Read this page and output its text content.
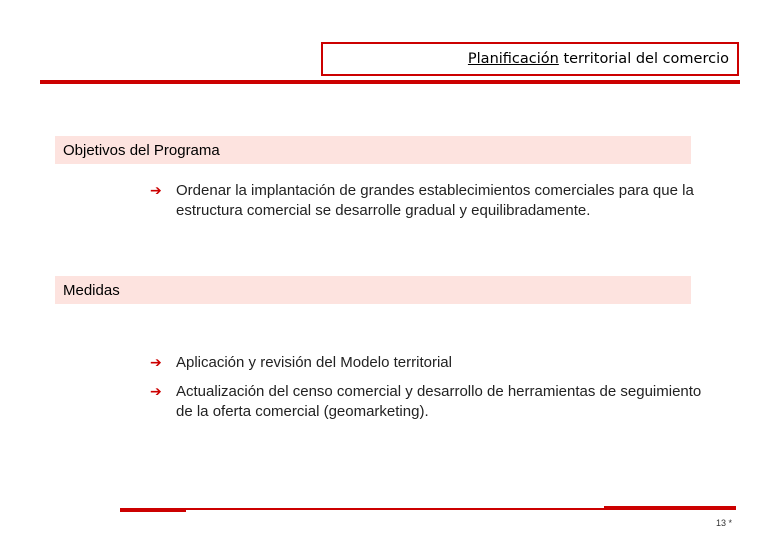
Planificación territorial del comercio
Objetivos del Programa
➔ Ordenar la implantación de grandes establecimientos comerciales para que la estructura comercial se desarrolle gradual y equilibradamente.
Medidas
➔ Aplicación y revisión del Modelo territorial
➔ Actualización del censo comercial y desarrollo de herramientas de seguimiento de la oferta comercial (geomarketing).
13 *
